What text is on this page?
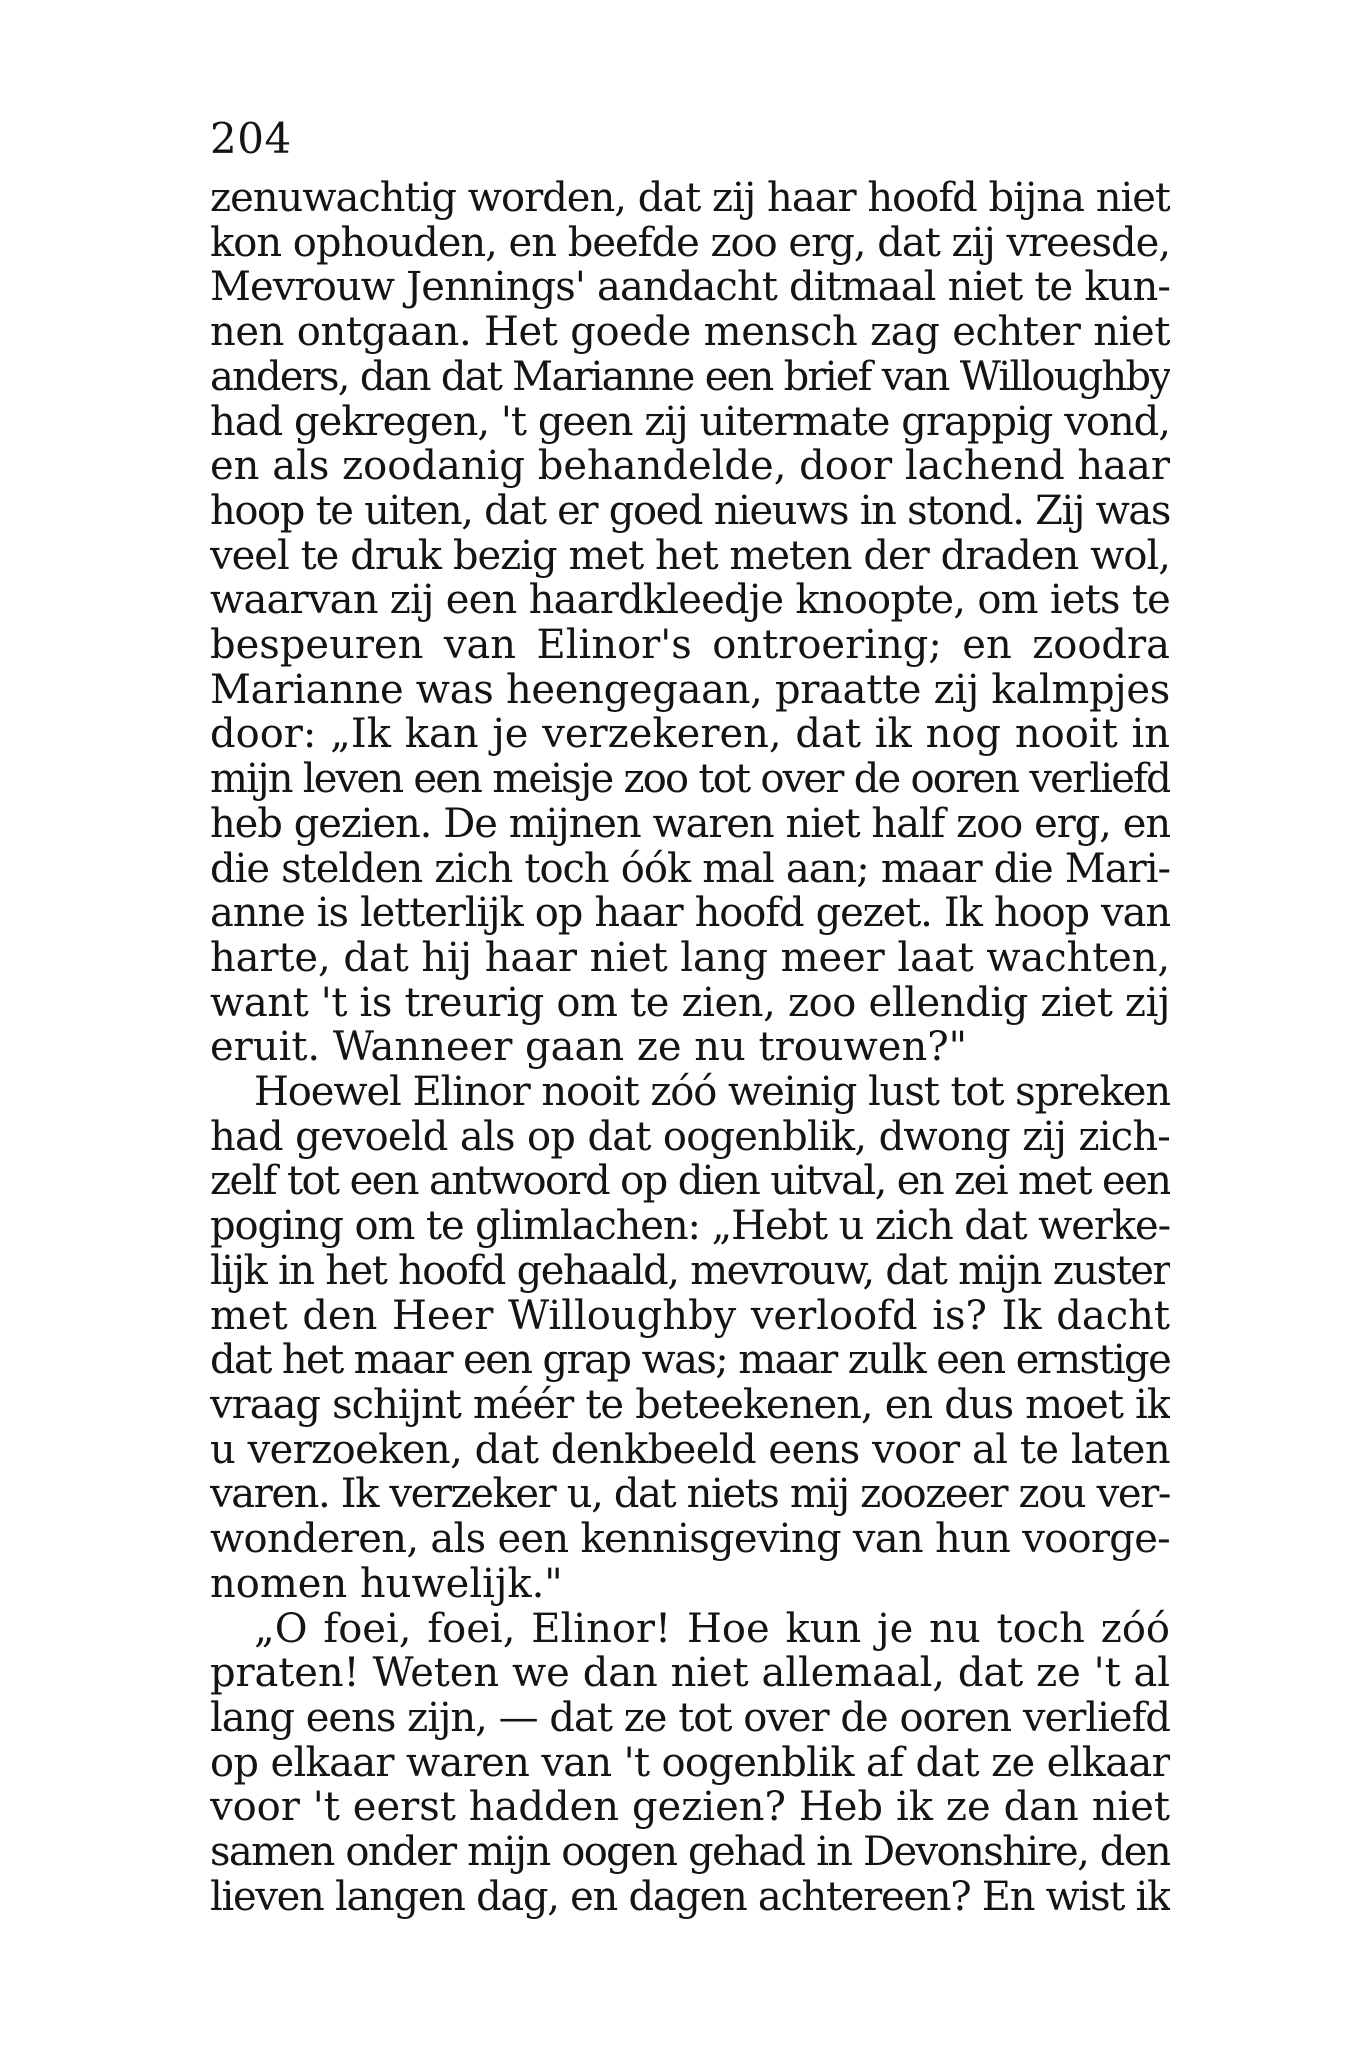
204
zenuwachtig worden, dat zij haar hoofd bijna niet
kon ophouden, en beefde zoo erg, dat zij vreesde,
Mevrouw Jennings' aandacht ditmaal niet te kun-
nen ontgaan. Het goede mensch zag echter niet
anders, dan dat Marianne een brief van Willoughby
had gekregen, 't geen zij uitermate grappig vond,
en als zoodanig behandelde, door lachend haar
hoop te uiten, dat er goed nieuws in stond. Zij was
veel te druk bezig met het meten der draden wol,
waarvan zij een haardkleedje knoopte, om iets te
bespeuren van Elinor's ontroering; en zoodra
Marianne was heengegaan, praatte zij kalmpjes
door: „Ik kan je verzekeren, dat ik nog nooit in
mijn leven een meisje zoo tot over de ooren verliefd
heb gezien. De mijnen waren niet half zoo erg, en
die stelden zich toch óók mal aan; maar die Mari-
anne is letterlijk op haar hoofd gezet. Ik hoop van
harte, dat hij haar niet lang meer laat wachten,
want 't is treurig om te zien, zoo ellendig ziet zij
eruit. Wanneer gaan ze nu trouwen?"
Hoewel Elinor nooit zóó weinig lust tot spreken
had gevoeld als op dat oogenblik, dwong zij zich-
zelf tot een antwoord op dien uitval, en zei met een
poging om te glimlachen: „Hebt u zich dat werke-
lijk in het hoofd gehaald, mevrouw, dat mijn zuster
met den Heer Willoughby verloofd is? Ik dacht
dat het maar een grap was; maar zulk een ernstige
vraag schijnt méér te beteekenen, en dus moet ik
u verzoeken, dat denkbeeld eens voor al te laten
varen. Ik verzeker u, dat niets mij zoozeer zou ver-
wonderen, als een kennisgeving van hun voorge-
nomen huwelijk."
„O foei, foei, Elinor! Hoe kun je nu toch zóó
praten! Weten we dan niet allemaal, dat ze 't al
lang eens zijn, — dat ze tot over de ooren verliefd
op elkaar waren van 't oogenblik af dat ze elkaar
voor 't eerst hadden gezien? Heb ik ze dan niet
samen onder mijn oogen gehad in Devonshire, den
lieven langen dag, en dagen achtereen? En wist ik
